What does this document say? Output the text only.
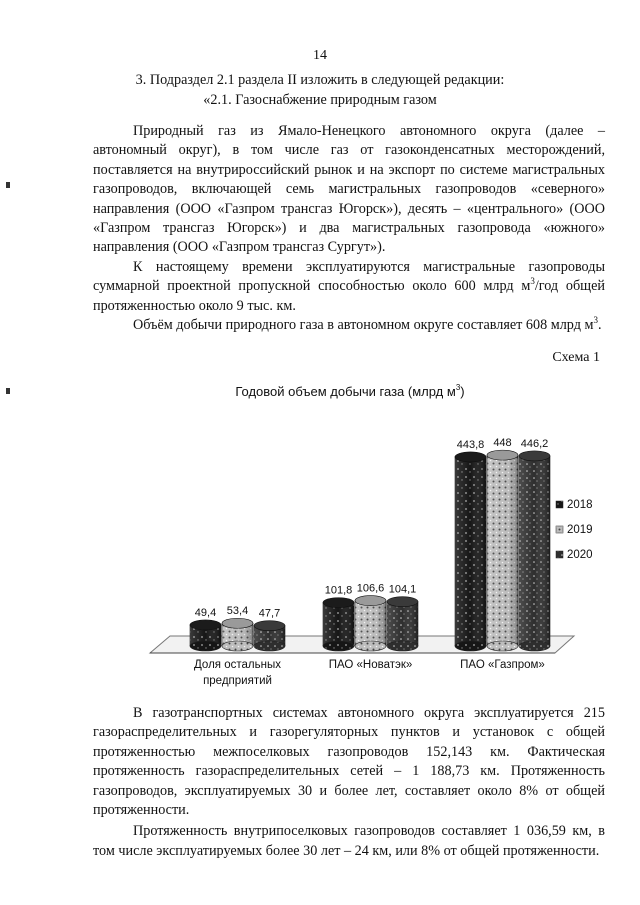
14
3. Подраздел 2.1 раздела II изложить в следующей редакции:
«2.1. Газоснабжение природным газом

Природный газ из Ямало-Ненецкого автономного округа (далее – автономный округ), в том числе газ от газоконденсатных месторождений, поставляется на внутрироссийский рынок и на экспорт по системе магистральных газопроводов, включающей семь магистральных газопроводов «северного» направления (ООО «Газпром трансгаз Югорск»), десять – «центрального» (ООО «Газпром трансгаз Югорск») и два магистральных газопровода «южного» направления (ООО «Газпром трансгаз Сургут»).

К настоящему времени эксплуатируются магистральные газопроводы суммарной проектной пропускной способностью около 600 млрд $м^3$/год общей протяженностью около 9 тыс. км.

Объём добычи природного газа в автономном округе составляет 608 млрд $м^3$.

Схема 1
Годовой объем добычи газа (млрд $м^3$)
49,4
101,8
443,8
53,4
106,6
448
47,7
104,1
446,2
Доля остальных
предприятий
ПАО «Новатэк»	ПАО «Газпром»
2018
2019
2020

В газотранспортных системах автономного округа эксплуатируется 215 газораспределительных и газорегуляторных пунктов и установок с общей протяженностью межпоселковых газопроводов 152,143 км. Фактическая протяженность газораспределительных сетей – 1 188,73 км. Протяженность газопроводов, эксплуатируемых 30 и более лет, составляет около 8% от общей протяженности.

Протяженность внутрипоселковых газопроводов составляет 1 036,59 км, в том числе эксплуатируемых более 30 лет – 24 км, или 8% от общей протяженности.
